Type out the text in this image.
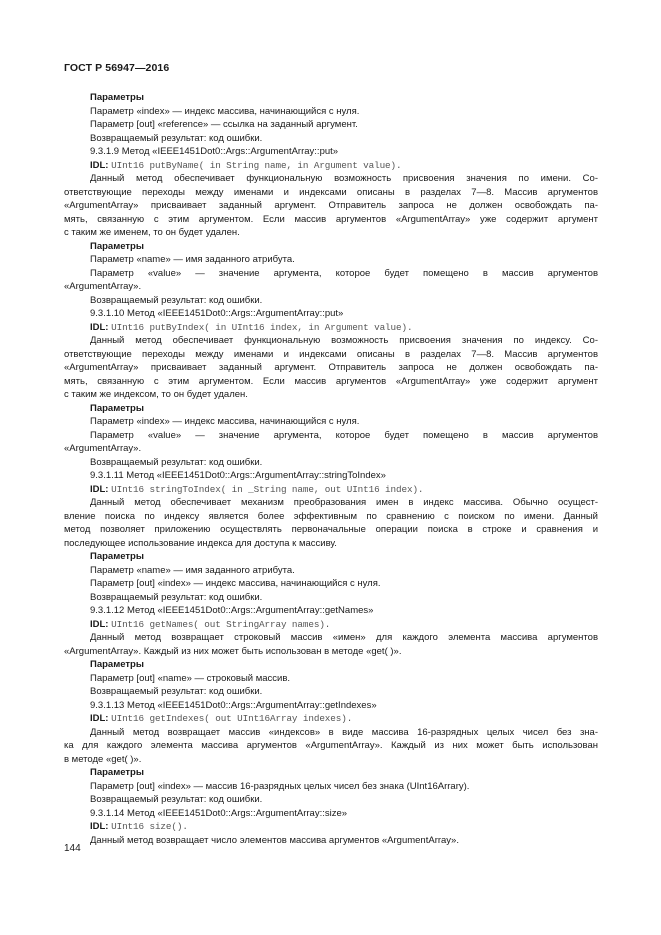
ГОСТ Р 56947—2016
Параметры
Параметр «index» — индекс массива, начинающийся с нуля.
Параметр [out] «reference» — ссылка на заданный аргумент.
Возвращаемый результат: код ошибки.
9.3.1.9 Метод «IEEE1451Dot0::Args::ArgumentArray::put»
IDL: UInt16 putByName( in String name, in Argument value).
Данный метод обеспечивает функциональную возможность присвоения значения по имени. Со-
ответствующие переходы между именами и индексами описаны в разделах 7—8. Массив аргументов
«ArgumentArray» присваивает заданный аргумент. Отправитель запроса не должен освобождать па-
мять, связанную с этим аргументом. Если массив аргументов «ArgumentArray» уже содержит аргумент
с таким же именем, то он будет удален.
Параметры
Параметр «name» — имя заданного атрибута.
Параметр «value» — значение аргумента, которое будет помещено в массив аргументов
«ArgumentArray».
Возвращаемый результат: код ошибки.
9.3.1.10 Метод «IEEE1451Dot0::Args::ArgumentArray::put»
IDL: UInt16 putByIndex( in UInt16 index, in Argument value).
Данный метод обеспечивает функциональную возможность присвоения значения по индексу. Со-
ответствующие переходы между именами и индексами описаны в разделах 7—8. Массив аргументов
«ArgumentArray» присваивает заданный аргумент. Отправитель запроса не должен освобождать па-
мять, связанную с этим аргументом. Если массив аргументов «ArgumentArray» уже содержит аргумент
с таким же индексом, то он будет удален.
Параметры
Параметр «index» — индекс массива, начинающийся с нуля.
Параметр «value» — значение аргумента, которое будет помещено в массив аргументов
«ArgumentArray».
Возвращаемый результат: код ошибки.
9.3.1.11 Метод «IEEE1451Dot0::Args::ArgumentArray::stringToIndex»
IDL: UInt16 stringToIndex( in _String name, out UInt16 index).
Данный метод обеспечивает механизм преобразования имен в индекс массива. Обычно осущест-
вление поиска по индексу является более эффективным по сравнению с поиском по имени. Данный
метод позволяет приложению осуществлять первоначальные операции поиска в строке и сравнения и
последующее использование индекса для доступа к массиву.
Параметры
Параметр «name» — имя заданного атрибута.
Параметр [out] «index» — индекс массива, начинающийся с нуля.
Возвращаемый результат: код ошибки.
9.3.1.12 Метод «IEEE1451Dot0::Args::ArgumentArray::getNames»
IDL: UInt16 getNames( out StringArray names).
Данный метод возвращает строковый массив «имен» для каждого элемента массива аргументов
«ArgumentArray». Каждый из них может быть использован в методе «get( )».
Параметры
Параметр [out] «name» — строковый массив.
Возвращаемый результат: код ошибки.
9.3.1.13 Метод «IEEE1451Dot0::Args::ArgumentArray::getIndexes»
IDL: UInt16 getIndexes( out UInt16Array indexes).
Данный метод возвращает массив «индексов» в виде массива 16-разрядных целых чисел без зна-
ка для каждого элемента массива аргументов «ArgumentArray». Каждый из них может быть использован
в методе «get( )».
Параметры
Параметр [out] «index» — массив 16-разрядных целых чисел без знака (UInt16Arrary).
Возвращаемый результат: код ошибки.
9.3.1.14 Метод «IEEE1451Dot0::Args::ArgumentArray::size»
IDL: UInt16 size().
Данный метод возвращает число элементов массива аргументов «ArgumentArray».
144
